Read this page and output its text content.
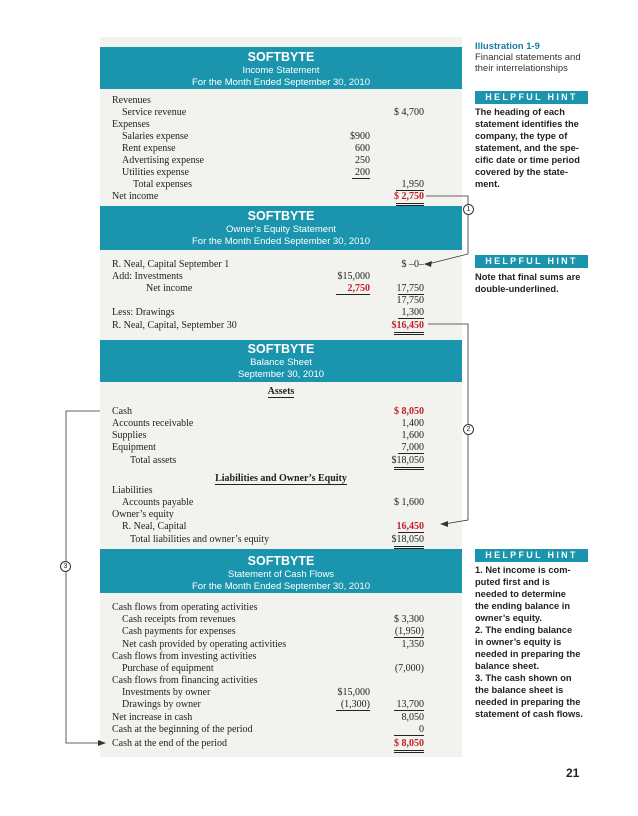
SOFTBYTE
Income Statement
For the Month Ended September 30, 2010
Revenues
Service revenue	$ 4,700
Expenses
Salaries expense	$900
Rent expense	600
Advertising expense	250
Utilities expense	200
Total expenses	1,950
Net income	$ 2,750
SOFTBYTE
Owner’s Equity Statement
For the Month Ended September 30, 2010
R. Neal, Capital September 1	$ –0–
Add: Investments	$15,000
Net income	2,750	17,750
17,750
Less: Drawings	1,300
R. Neal, Capital, September 30	$16,450
SOFTBYTE
Balance Sheet
September 30, 2010
Assets
Cash	$ 8,050
Accounts receivable	1,400
Supplies	1,600
Equipment	7,000
Total assets	$18,050
Liabilities and Owner’s Equity
Liabilities
Accounts payable	$ 1,600
Owner’s equity
R. Neal, Capital	16,450
Total liabilities and owner’s equity	$18,050
SOFTBYTE
Statement of Cash Flows
For the Month Ended September 30, 2010
Cash flows from operating activities
Cash receipts from revenues	$ 3,300
Cash payments for expenses	(1,950)
Net cash provided by operating activities	1,350
Cash flows from investing activities
Purchase of equipment	(7,000)
Cash flows from financing activities
Investments by owner	$15,000
Drawings by owner	(1,300)	13,700
Net increase in cash	8,050
Cash at the beginning of the period	0
Cash at the end of the period	$ 8,050
1
2
3
Illustration 1-9
Financial statements and
their interrelationships
HELPFUL HINT
The heading of each
statement identifies the
company, the type of
statement, and the spe-
cific date or time period
covered by the state-
ment.
HELPFUL HINT
Note that final sums are
double-underlined.
HELPFUL HINT
1. Net income is com-
puted first and is
needed to determine
the ending balance in
owner’s equity.
2. The ending balance
in owner’s equity is
needed in preparing the
balance sheet.
3. The cash shown on
the balance sheet is
needed in preparing the
statement of cash flows.
21
